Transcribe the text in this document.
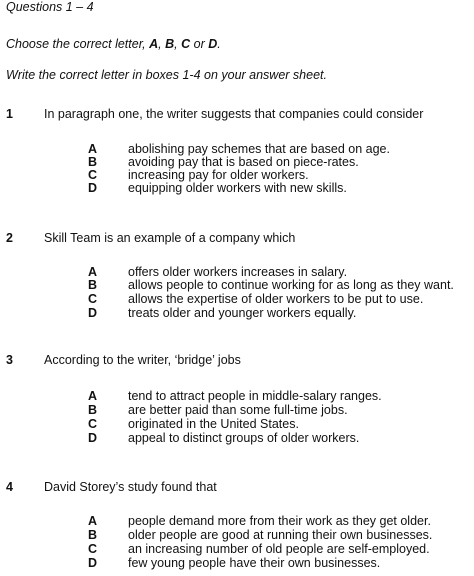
Questions 1 – 4
Choose the correct letter, A, B, C or D.
Write the correct letter in boxes 1-4 on your answer sheet.
1 In paragraph one, the writer suggests that companies could consider
A	abolishing pay schemes that are based on age.
B	avoiding pay that is based on piece-rates.
C	increasing pay for older workers.
D	equipping older workers with new skills.
2 Skill Team is an example of a company which
A	offers older workers increases in salary.
B	allows people to continue working for as long as they want.
C	allows the expertise of older workers to be put to use.
D	treats older and younger workers equally.
3 According to the writer, ‘bridge’ jobs
A	tend to attract people in middle-salary ranges.
B	are better paid than some full-time jobs.
C	originated in the United States.
D	appeal to distinct groups of older workers.
4 David Storey’s study found that
A	people demand more from their work as they get older.
B	older people are good at running their own businesses.
C	an increasing number of old people are self-employed.
D	few young people have their own businesses.
